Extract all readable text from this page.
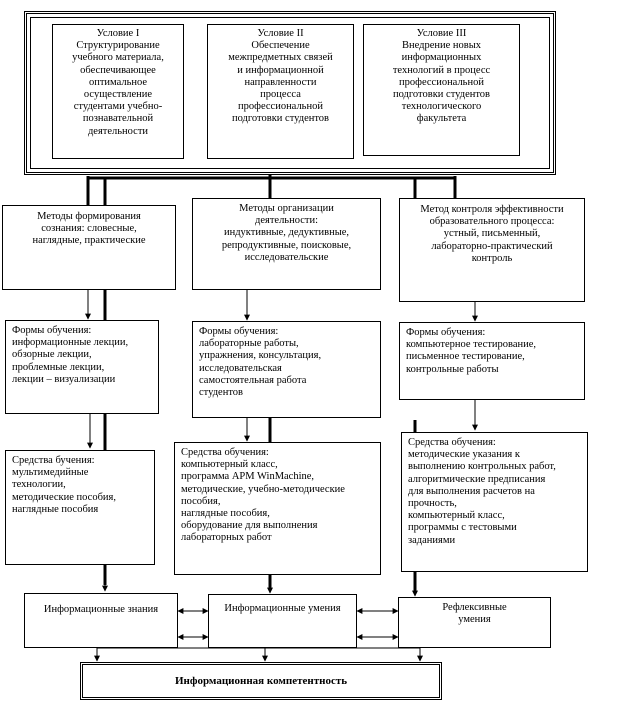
Условие I
Структурирование
учебного материала,
обеспечивающее
оптимальное
осуществление
студентами учебно-
познавательной
деятельности
Условие II
Обеспечение
межпредметных связей
и информационной
направленности
процесса
профессиональной
подготовки студентов
Условие III
Внедрение новых
информационных
технологий в процесс
профессиональной
подготовки студентов
технологического
факультета
Методы формирования
сознания: словесные,
наглядные, практические
Методы организации
деятельности:
индуктивные, дедуктивные,
репродуктивные, поисковые,
исследовательские
Метод контроля эффективности
образовательного процесса:
устный, письменный,
лабораторно-практический
контроль
Формы обучения:
информационные лекции,
обзорные лекции,
проблемные лекции,
лекции – визуализации
Формы обучения:
лабораторные работы,
упражнения, консультация,
исследовательская
самостоятельная работа
студентов
Формы обучения:
компьютерное тестирование,
письменное тестирование,
контрольные работы
Средства бучения:
мультимедийные
технологии,
методические пособия,
наглядные пособия
Средства обучения:
компьютерный класс,
программа APM WinMachine,
методические, учебно-методические
пособия,
наглядные пособия,
оборудование для выполнения
лабораторных работ
Средства обучения:
методические указания к
выполнению контрольных работ,
алгоритмические предписания
для выполнения расчетов на
прочность,
компьютерный класс,
программы с тестовыми
заданиями
Информационные знания	Информационные умения	Рефлексивные
умения
Информационная компетентность
